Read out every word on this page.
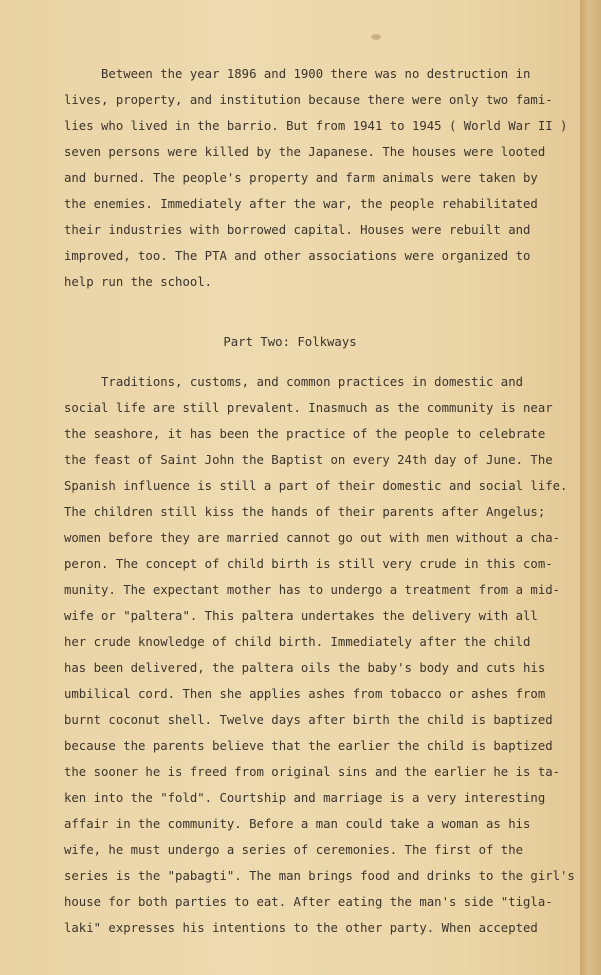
Between the year 1896 and 1900 there was no destruction in
lives, property, and institution because there were only two fami-
lies who lived in the barrio. But from 1941 to 1945 ( World War II )
seven persons were killed by the Japanese. The houses were looted
and burned. The people's property and farm animals were taken by
the enemies. Immediately after the war, the people rehabilitated
their industries with borrowed capital. Houses were rebuilt and
improved, too. The PTA and other associations were organized to
help run the school.
Part Two: Folkways
Traditions, customs, and common practices in domestic and
social life are still prevalent. Inasmuch as the community is near
the seashore, it has been the practice of the people to celebrate
the feast of Saint John the Baptist on every 24th day of June. The
Spanish influence is still a part of their domestic and social life.
The children still kiss the hands of their parents after Angelus;
women before they are married cannot go out with men without a cha-
peron. The concept of child birth is still very crude in this com-
munity. The expectant mother has to undergo a treatment from a mid-
wife or "paltera". This paltera undertakes the delivery with all
her crude knowledge of child birth. Immediately after the child
has been delivered, the paltera oils the baby's body and cuts his
umbilical cord. Then she applies ashes from tobacco or ashes from
burnt coconut shell. Twelve days after birth the child is baptized
because the parents believe that the earlier the child is baptized
the sooner he is freed from original sins and the earlier he is ta-
ken into the "fold". Courtship and marriage is a very interesting
affair in the community. Before a man could take a woman as his
wife, he must undergo a series of ceremonies. The first of the
series is the "pabagti". The man brings food and drinks to the girl's
house for both parties to eat. After eating the man's side "tigla-
laki" expresses his intentions to the other party. When accepted
